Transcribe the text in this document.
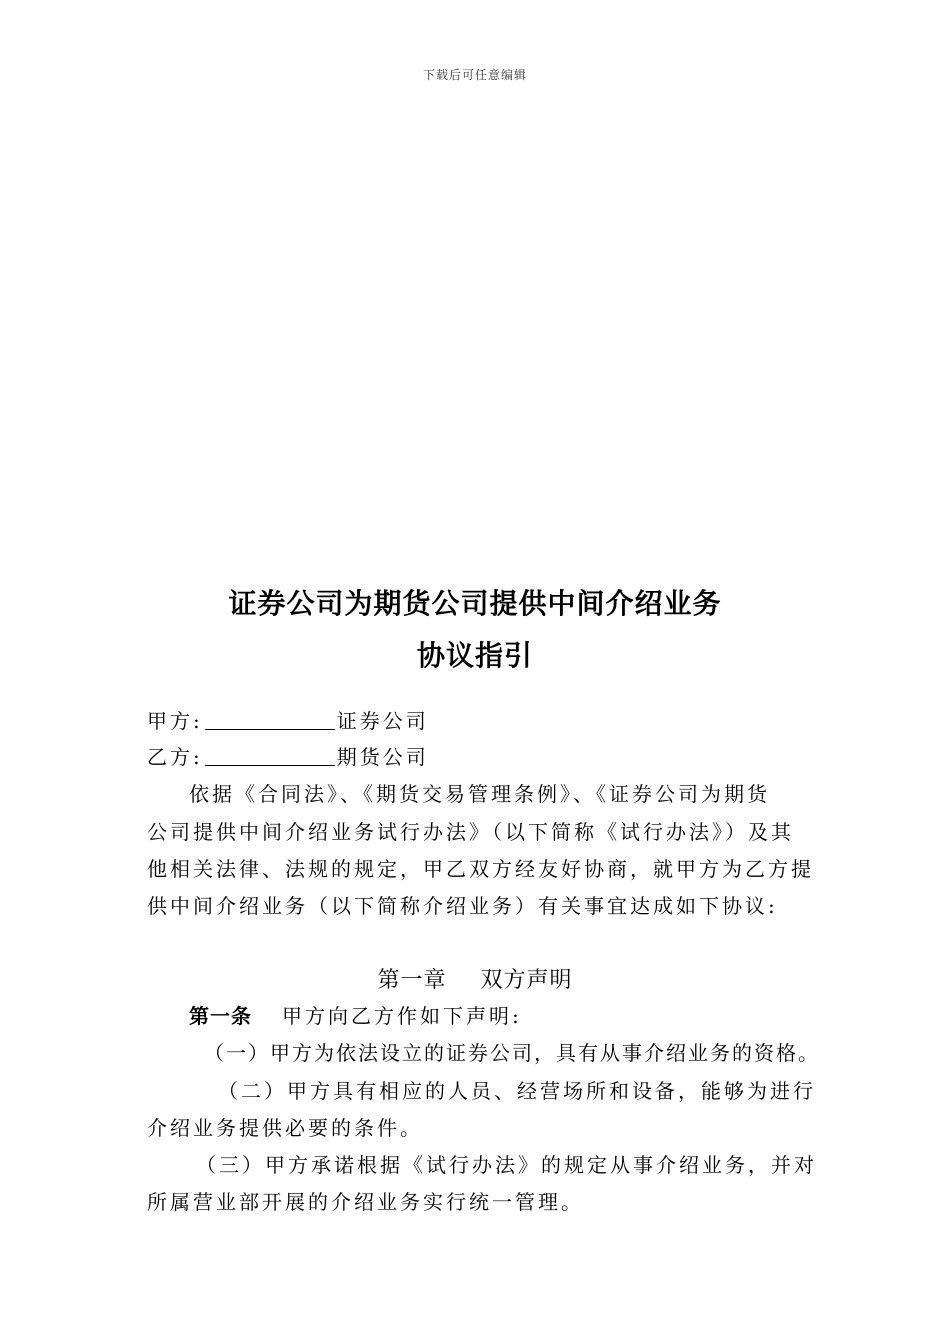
下载后可任意编辑
证券公司为期货公司提供中间介绍业务
协议指引
甲方:	证券公司
乙方:	期货公司
依据《合同法》、《期货交易管理条例》、《证券公司为期货
公司提供中间介绍业务试行办法》（以下简称《试行办法》）及其
他相关法律、法规的规定，甲乙双方经友好协商，就甲方为乙方提
供中间介绍业务（以下简称介绍业务）有关事宜达成如下协议:
第一章 双方声明
第一条 甲方向乙方作如下声明:
（一）甲方为依法设立的证券公司，具有从事介绍业务的资格。
（二）甲方具有相应的人员、经营场所和设备，能够为进行
介绍业务提供必要的条件。
（三）甲方承诺根据《试行办法》的规定从事介绍业务，并对
所属营业部开展的介绍业务实行统一管理。
